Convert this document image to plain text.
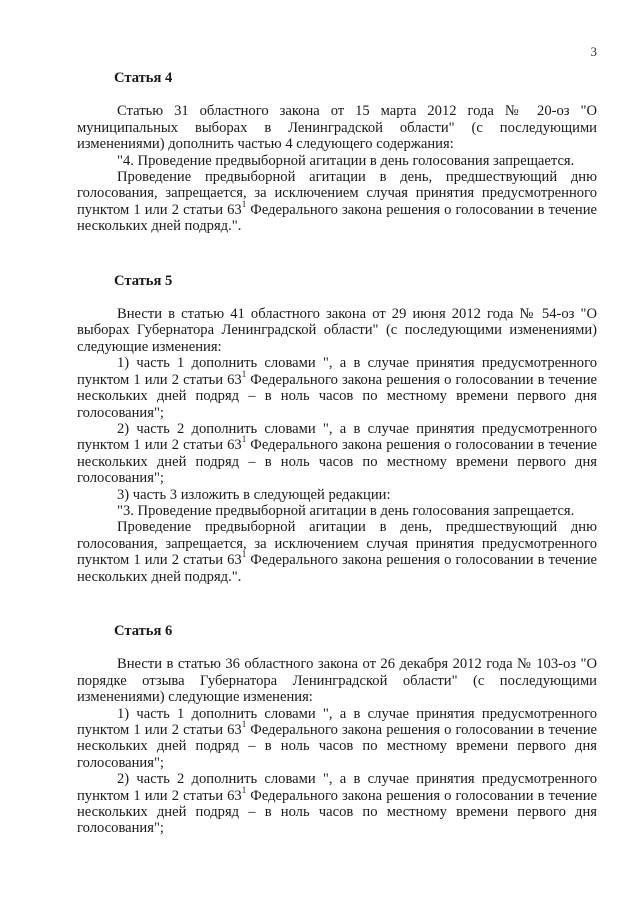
3

Статья 4

Статью 31 областного закона от 15 марта 2012 года № 20-оз "О муниципальных выборах в Ленинградской области" (с последующими изменениями) дополнить частью 4 следующего содержания:

"4. Проведение предвыборной агитации в день голосования запрещается.

Проведение предвыборной агитации в день, предшествующий дню голосования, запрещается, за исключением случая принятия предусмотренного пунктом 1 или 2 статьи $63^1$ Федерального закона решения о голосовании в течение нескольких дней подряд.".

Статья 5

Внести в статью 41 областного закона от 29 июня 2012 года № 54-оз "О выборах Губернатора Ленинградской области" (с последующими изменениями) следующие изменения:

1) часть 1 дополнить словами ", а в случае принятия предусмотренного пунктом 1 или 2 статьи $63^1$ Федерального закона решения о голосовании в течение нескольких дней подряд – в ноль часов по местному времени первого дня голосования";

2) часть 2 дополнить словами ", а в случае принятия предусмотренного пунктом 1 или 2 статьи $63^1$ Федерального закона решения о голосовании в течение нескольких дней подряд – в ноль часов по местному времени первого дня голосования";

3) часть 3 изложить в следующей редакции:

"3. Проведение предвыборной агитации в день голосования запрещается.

Проведение предвыборной агитации в день, предшествующий дню голосования, запрещается, за исключением случая принятия предусмотренного пунктом 1 или 2 статьи $63^1$ Федерального закона решения о голосовании в течение нескольких дней подряд.".

Статья 6

Внести в статью 36 областного закона от 26 декабря 2012 года № 103-оз "О порядке отзыва Губернатора Ленинградской области" (с последующими изменениями) следующие изменения:

1) часть 1 дополнить словами ", а в случае принятия предусмотренного пунктом 1 или 2 статьи $63^1$ Федерального закона решения о голосовании в течение нескольких дней подряд – в ноль часов по местному времени первого дня голосования";

2) часть 2 дополнить словами ", а в случае принятия предусмотренного пунктом 1 или 2 статьи $63^1$ Федерального закона решения о голосовании в течение нескольких дней подряд – в ноль часов по местному времени первого дня голосования";
